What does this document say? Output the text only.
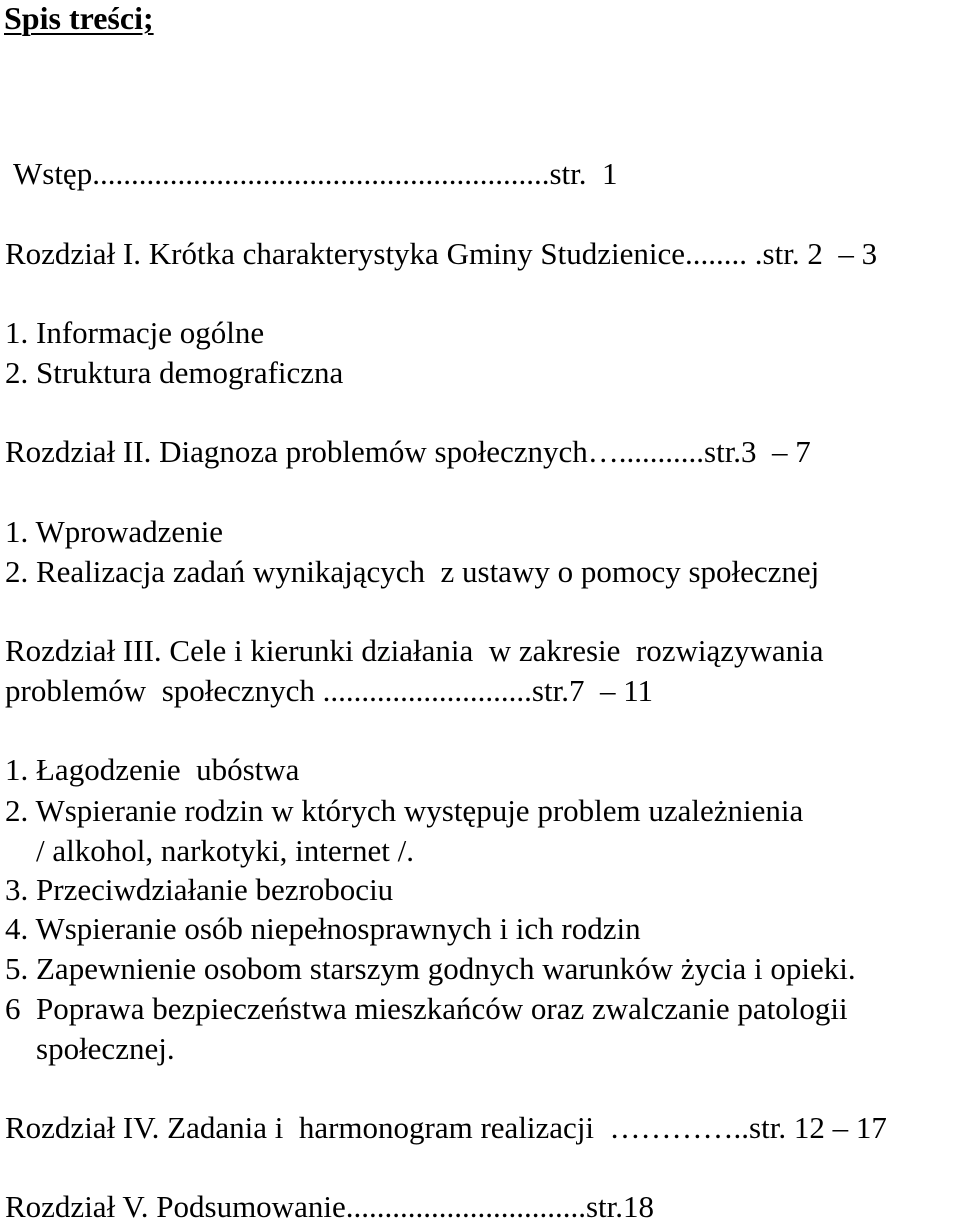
Spis treści;
Wstęp...........................................................str.  1
Rozdział I. Krótka charakterystyka Gminy Studzienice........ .str. 2  – 3
1. Informacje ogólne
2. Struktura demograficzna
Rozdział II. Diagnoza problemów społecznych…...........str.3  – 7
1. Wprowadzenie
2. Realizacja zadań wynikających  z ustawy o pomocy społecznej
Rozdział III. Cele i kierunki działania  w zakresie  rozwiązywania
problemów  społecznych ...........................str.7  – 11
1. Łagodzenie  ubóstwa
2. Wspieranie rodzin w których występuje problem uzależnienia
/ alkohol, narkotyki, internet /.
3. Przeciwdziałanie bezrobociu
4. Wspieranie osób niepełnosprawnych i ich rodzin
5. Zapewnienie osobom starszym godnych warunków życia i opieki.
6  Poprawa bezpieczeństwa mieszkańców oraz zwalczanie patologii
społecznej.
Rozdział IV. Zadania i  harmonogram realizacji  …………..str. 12 – 17
Rozdział V. Podsumowanie...............................str.18
